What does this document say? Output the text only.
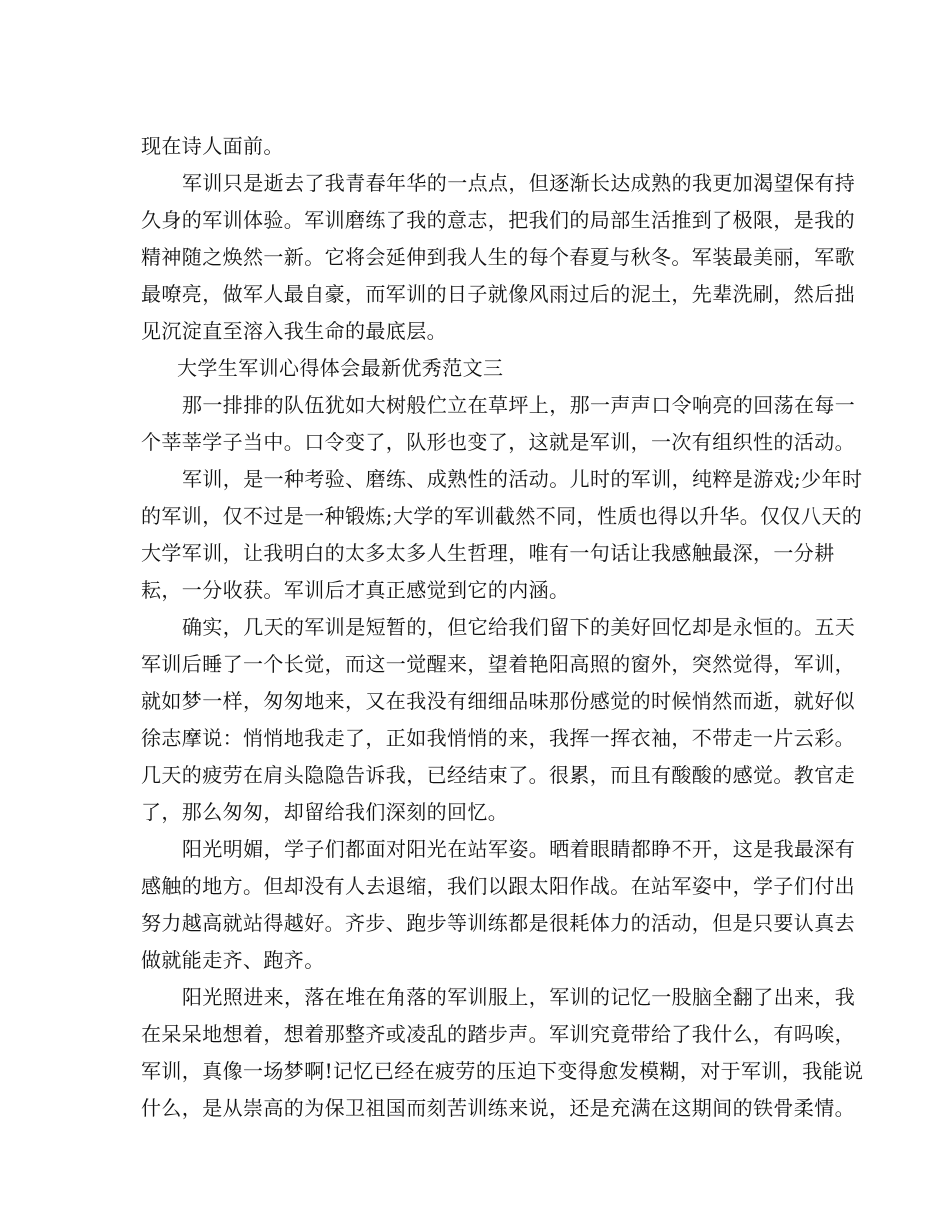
现在诗人面前。
军训只是逝去了我青春年华的一点点，但逐渐长达成熟的我更加渴望保有持
久身的军训体验。军训磨练了我的意志，把我们的局部生活推到了极限，是我的
精神随之焕然一新。它将会延伸到我人生的每个春夏与秋冬。军装最美丽，军歌
最嘹亮，做军人最自豪，而军训的日子就像风雨过后的泥土，先辈洗刷，然后拙
见沉淀直至溶入我生命的最底层。
大学生军训心得体会最新优秀范文三
那一排排的队伍犹如大树般伫立在草坪上，那一声声口令响亮的回荡在每一
个莘莘学子当中。口令变了，队形也变了，这就是军训，一次有组织性的活动。
军训，是一种考验、磨练、成熟性的活动。儿时的军训，纯粹是游戏;少年时
的军训，仅不过是一种锻炼;大学的军训截然不同，性质也得以升华。仅仅八天的
大学军训，让我明白的太多太多人生哲理，唯有一句话让我感触最深，一分耕
耘，一分收获。军训后才真正感觉到它的内涵。
确实，几天的军训是短暂的，但它给我们留下的美好回忆却是永恒的。五天
军训后睡了一个长觉，而这一觉醒来，望着艳阳高照的窗外，突然觉得，军训，
就如梦一样，匆匆地来，又在我没有细细品味那份感觉的时候悄然而逝，就好似
徐志摩说：悄悄地我走了，正如我悄悄的来，我挥一挥衣袖，不带走一片云彩。
几天的疲劳在肩头隐隐告诉我，已经结束了。很累，而且有酸酸的感觉。教官走
了，那么匆匆，却留给我们深刻的回忆。
阳光明媚，学子们都面对阳光在站军姿。晒着眼睛都睁不开，这是我最深有
感触的地方。但却没有人去退缩，我们以跟太阳作战。在站军姿中，学子们付出
努力越高就站得越好。齐步、跑步等训练都是很耗体力的活动，但是只要认真去
做就能走齐、跑齐。
阳光照进来，落在堆在角落的军训服上，军训的记忆一股脑全翻了出来，我
在呆呆地想着，想着那整齐或凌乱的踏步声。军训究竟带给了我什么，有吗唉，
军训，真像一场梦啊!记忆已经在疲劳的压迫下变得愈发模糊，对于军训，我能说
什么，是从崇高的为保卫祖国而刻苦训练来说，还是充满在这期间的铁骨柔情。
